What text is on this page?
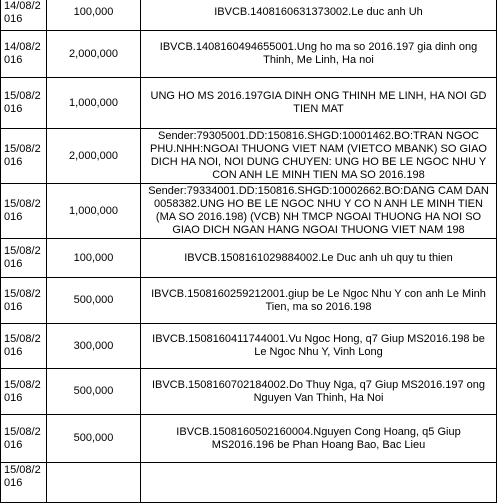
14/08/2016	100,000	IBVCB.1408160631373002.Le duc anh Uh
14/08/2016	2,000,000	IBVCB.1408160494655001.Ung ho ma so 2016.197 gia dinh ong Thinh, Me Linh, Ha noi
15/08/2016	1,000,000	UNG HO MS 2016.197GIA DINH ONG THINH ME LINH, HA NOI GD TIEN MAT
15/08/2016	2,000,000	Sender:79305001.DD:150816.SHGD:10001462.BO:TRAN NGOC PHU.NHH:NGOAI THUONG VIET NAM (VIETCO MBANK) SO GIAO DICH HA NOI, NOI DUNG CHUYEN: UNG HO BE LE NGOC NHU Y CON ANH LE MINH TIEN MA SO 2016.198
15/08/2016	1,000,000	Sender:79334001.DD:150816.SHGD:10002662.BO:DANG CAM DAN 0058382.UNG HO BE LE NGOC NHU Y CO N ANH LE MINH TIEN (MA SO 2016.198) (VCB) NH TMCP NGOAI THUONG HA NOI SO GIAO DICH NGAN HANG NGOAI THUONG VIET NAM 198
15/08/2016	100,000	IBVCB.1508161029884002.Le Duc anh uh quy tu thien
15/08/2016	500,000	IBVCB.1508160259212001.giup be Le Ngoc Nhu Y con anh Le Minh Tien, ma so 2016.198
15/08/2016	300,000	IBVCB.1508160411744001.Vu Ngoc Hong, q7 Giup MS2016.198 be Le Ngoc Nhu Y, Vinh Long
15/08/2016	500,000	IBVCB.1508160702184002.Do Thuy Nga, q7 Giup MS2016.197 ong Nguyen Van Thinh, Ha Noi
15/08/2016	500,000	IBVCB.1508160502160004.Nguyen Cong Hoang, q5 Giup MS2016.196 be Phan Hoang Bao, Bac Lieu
15/08/2016		
